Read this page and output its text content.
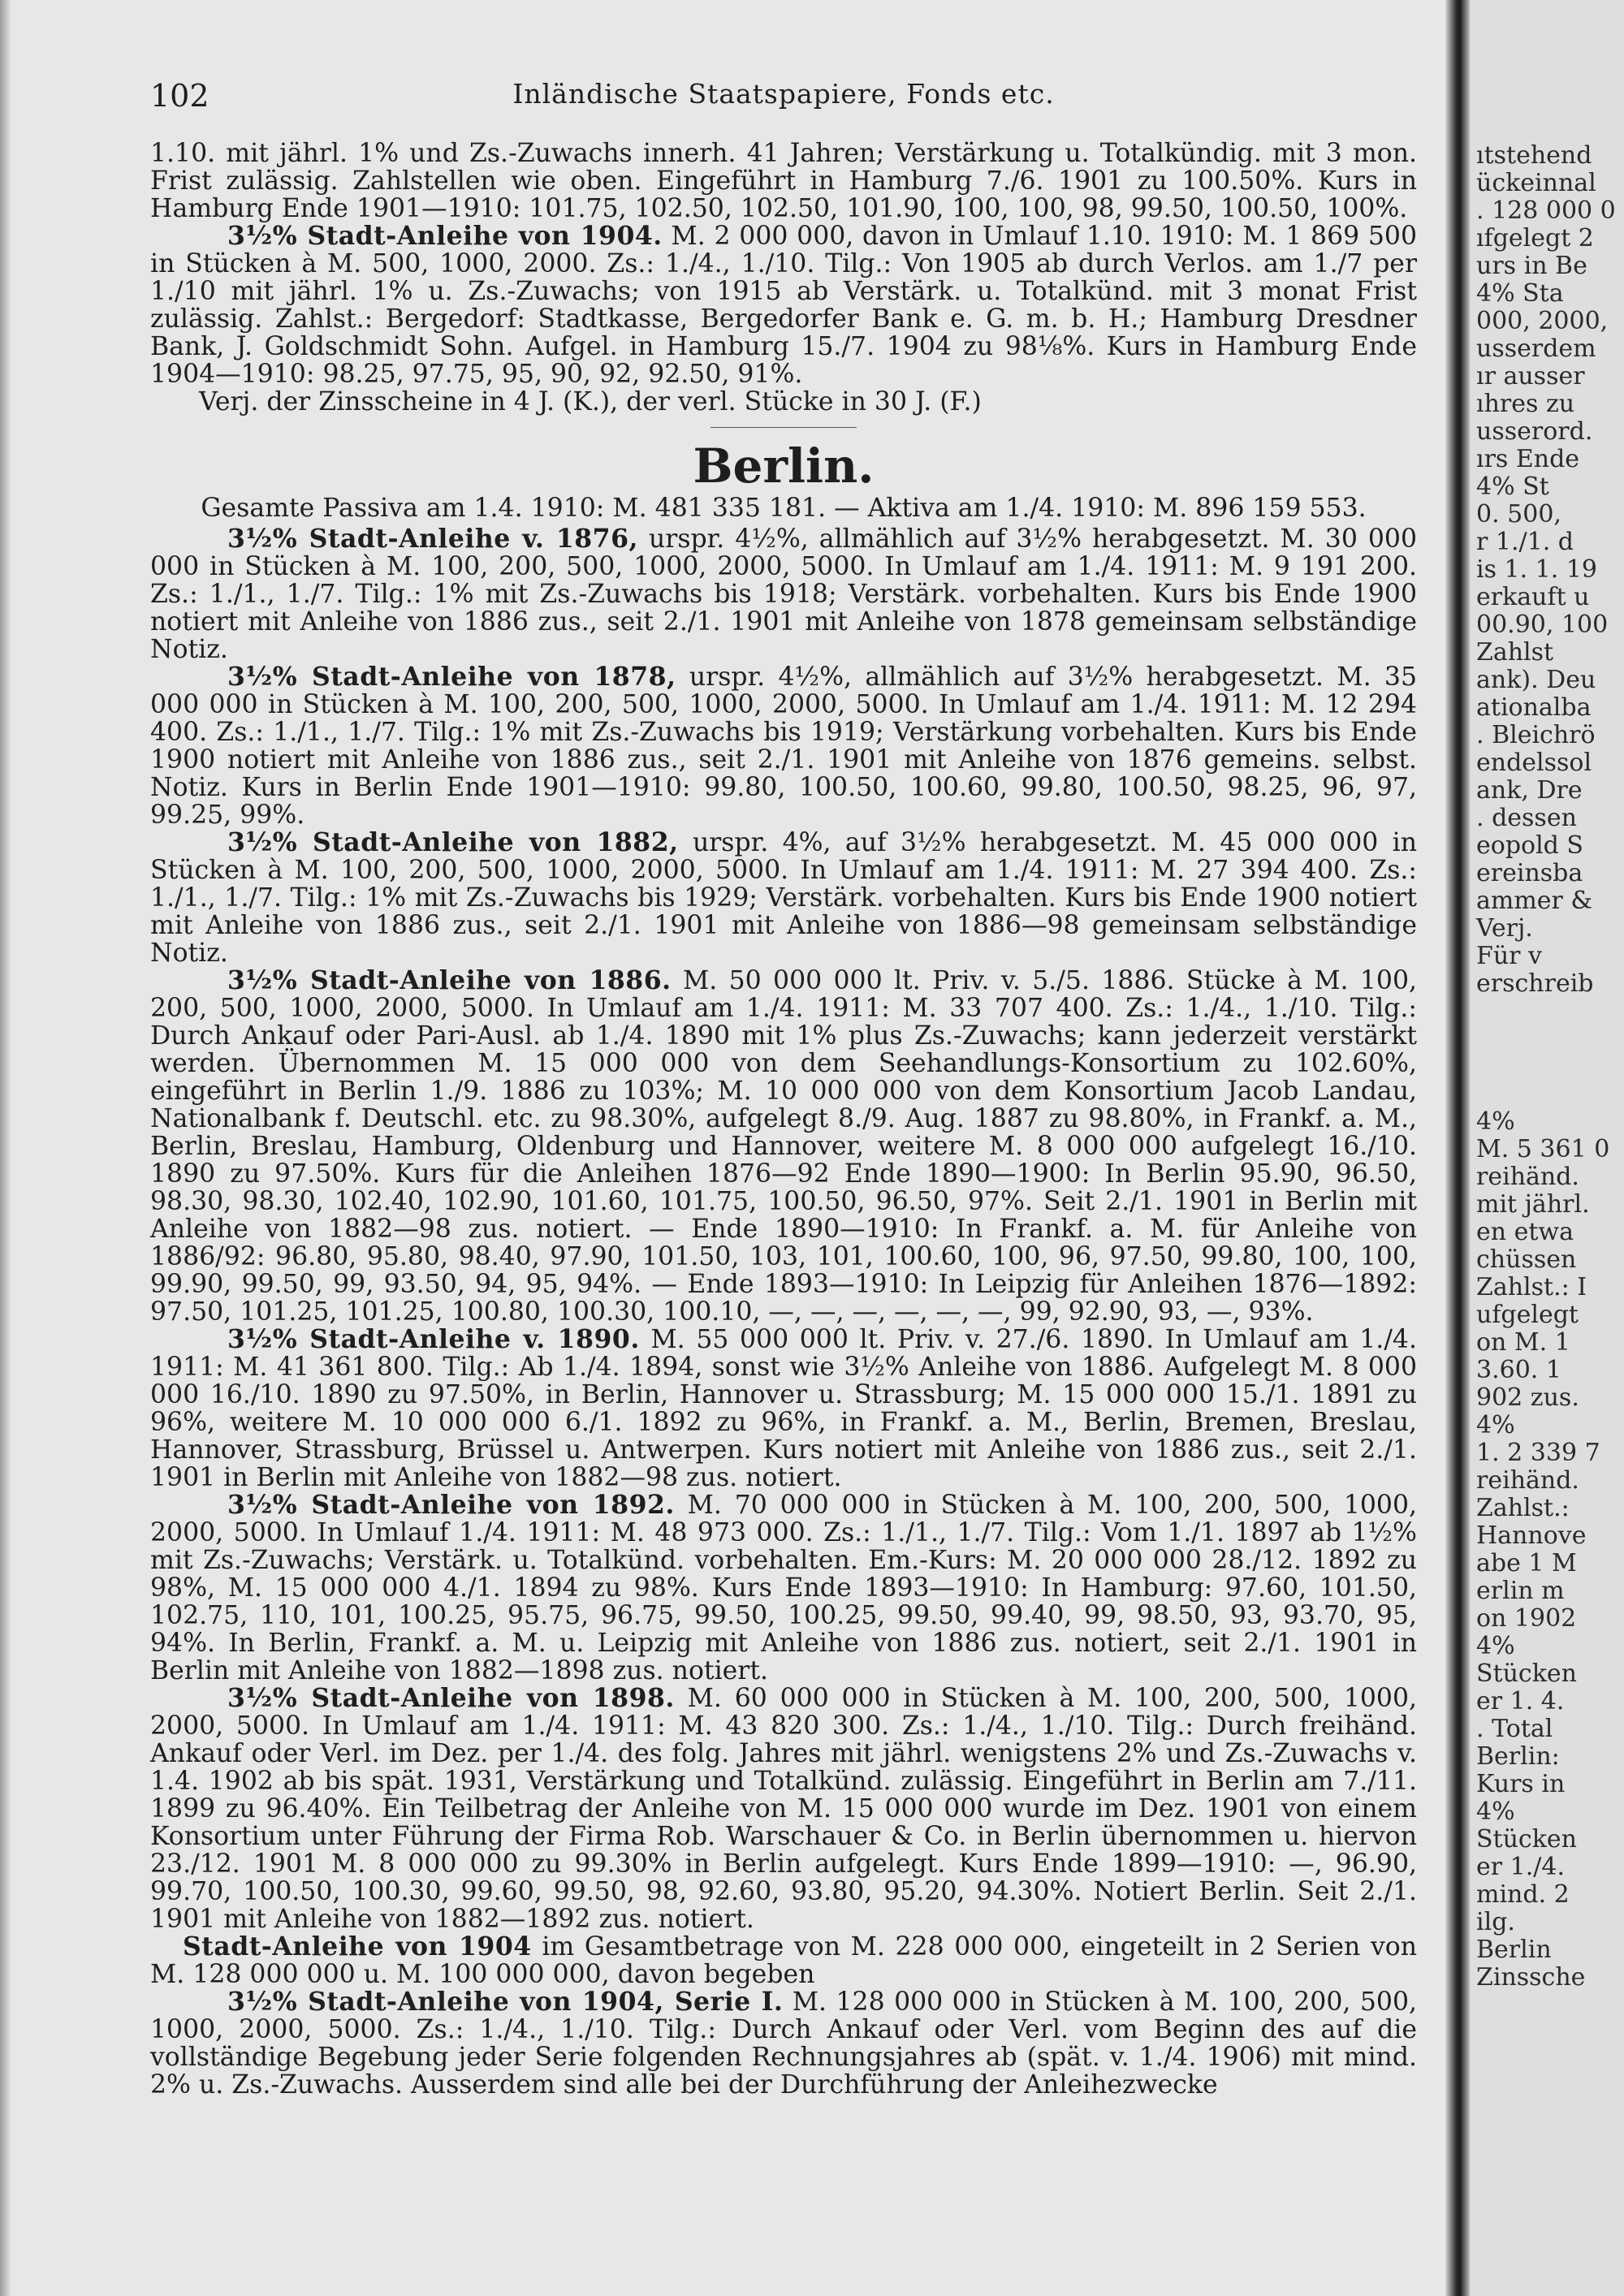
102	Inländische Staatspapiere, Fonds etc.

1.10. mit jährl. 1% und Zs.-Zuwachs innerh. 41 Jahren; Verstärkung u. Totalkündig. mit 3 mon. Frist zulässig. Zahlstellen wie oben. Eingeführt in Hamburg 7./6. 1901 zu 100.50%. Kurs in Hamburg Ende 1901—1910: 101.75, 102.50, 102.50, 101.90, 100, 100, 98, 99.50, 100.50, 100%.

3½% Stadt-Anleihe von 1904. M. 2 000 000, davon in Umlauf 1.10. 1910: M. 1 869 500 in Stücken à M. 500, 1000, 2000. Zs.: 1./4., 1./10. Tilg.: Von 1905 ab durch Verlos. am 1./7 per 1./10 mit jährl. 1% u. Zs.-Zuwachs; von 1915 ab Verstärk. u. Totalkünd. mit 3 monat Frist zulässig. Zahlst.: Bergedorf: Stadtkasse, Bergedorfer Bank e. G. m. b. H.; Hamburg Dresdner Bank, J. Goldschmidt Sohn. Aufgel. in Hamburg 15./7. 1904 zu 98⅛%. Kurs in Hamburg Ende 1904—1910: 98.25, 97.75, 95, 90, 92, 92.50, 91%.

Verj. der Zinsscheine in 4 J. (K.), der verl. Stücke in 30 J. (F.)

Berlin.

Gesamte Passiva am 1.4. 1910: M. 481 335 181. — Aktiva am 1./4. 1910: M. 896 159 553.

3½% Stadt-Anleihe v. 1876, urspr. 4½%, allmählich auf 3½% herabgesetzt. M. 30 000 000 in Stücken à M. 100, 200, 500, 1000, 2000, 5000. In Umlauf am 1./4. 1911: M. 9 191 200. Zs.: 1./1., 1./7. Tilg.: 1% mit Zs.-Zuwachs bis 1918; Verstärk. vorbehalten. Kurs bis Ende 1900 notiert mit Anleihe von 1886 zus., seit 2./1. 1901 mit Anleihe von 1878 gemeinsam selbständige Notiz.

3½% Stadt-Anleihe von 1878, urspr. 4½%, allmählich auf 3½% herabgesetzt. M. 35 000 000 in Stücken à M. 100, 200, 500, 1000, 2000, 5000. In Umlauf am 1./4. 1911: M. 12 294 400. Zs.: 1./1., 1./7. Tilg.: 1% mit Zs.-Zuwachs bis 1919; Verstärkung vorbehalten. Kurs bis Ende 1900 notiert mit Anleihe von 1886 zus., seit 2./1. 1901 mit Anleihe von 1876 gemeins. selbst. Notiz. Kurs in Berlin Ende 1901—1910: 99.80, 100.50, 100.60, 99.80, 100.50, 98.25, 96, 97, 99.25, 99%.

3½% Stadt-Anleihe von 1882, urspr. 4%, auf 3½% herabgesetzt. M. 45 000 000 in Stücken à M. 100, 200, 500, 1000, 2000, 5000. In Umlauf am 1./4. 1911: M. 27 394 400. Zs.: 1./1., 1./7. Tilg.: 1% mit Zs.-Zuwachs bis 1929; Verstärk. vorbehalten. Kurs bis Ende 1900 notiert mit Anleihe von 1886 zus., seit 2./1. 1901 mit Anleihe von 1886—98 gemeinsam selbständige Notiz.

3½% Stadt-Anleihe von 1886. M. 50 000 000 lt. Priv. v. 5./5. 1886. Stücke à M. 100, 200, 500, 1000, 2000, 5000. In Umlauf am 1./4. 1911: M. 33 707 400. Zs.: 1./4., 1./10. Tilg.: Durch Ankauf oder Pari-Ausl. ab 1./4. 1890 mit 1% plus Zs.-Zuwachs; kann jederzeit verstärkt werden. Übernommen M. 15 000 000 von dem Seehandlungs-Konsortium zu 102.60%, eingeführt in Berlin 1./9. 1886 zu 103%; M. 10 000 000 von dem Konsortium Jacob Landau, Nationalbank f. Deutschl. etc. zu 98.30%, aufgelegt 8./9. Aug. 1887 zu 98.80%, in Frankf. a. M., Berlin, Breslau, Hamburg, Oldenburg und Hannover, weitere M. 8 000 000 aufgelegt 16./10. 1890 zu 97.50%. Kurs für die Anleihen 1876—92 Ende 1890—1900: In Berlin 95.90, 96.50, 98.30, 98.30, 102.40, 102.90, 101.60, 101.75, 100.50, 96.50, 97%. Seit 2./1. 1901 in Berlin mit Anleihe von 1882—98 zus. notiert. — Ende 1890—1910: In Frankf. a. M. für Anleihe von 1886/92: 96.80, 95.80, 98.40, 97.90, 101.50, 103, 101, 100.60, 100, 96, 97.50, 99.80, 100, 100, 99.90, 99.50, 99, 93.50, 94, 95, 94%. — Ende 1893—1910: In Leipzig für Anleihen 1876—1892: 97.50, 101.25, 101.25, 100.80, 100.30, 100.10, —, —, —, —, —, —, 99, 92.90, 93, —, 93%.

3½% Stadt-Anleihe v. 1890. M. 55 000 000 lt. Priv. v. 27./6. 1890. In Umlauf am 1./4. 1911: M. 41 361 800. Tilg.: Ab 1./4. 1894, sonst wie 3½% Anleihe von 1886. Aufgelegt M. 8 000 000 16./10. 1890 zu 97.50%, in Berlin, Hannover u. Strassburg; M. 15 000 000 15./1. 1891 zu 96%, weitere M. 10 000 000 6./1. 1892 zu 96%, in Frankf. a. M., Berlin, Bremen, Breslau, Hannover, Strassburg, Brüssel u. Antwerpen. Kurs notiert mit Anleihe von 1886 zus., seit 2./1. 1901 in Berlin mit Anleihe von 1882—98 zus. notiert.

3½% Stadt-Anleihe von 1892. M. 70 000 000 in Stücken à M. 100, 200, 500, 1000, 2000, 5000. In Umlauf 1./4. 1911: M. 48 973 000. Zs.: 1./1., 1./7. Tilg.: Vom 1./1. 1897 ab 1½% mit Zs.-Zuwachs; Verstärk. u. Totalkünd. vorbehalten. Em.-Kurs: M. 20 000 000 28./12. 1892 zu 98%, M. 15 000 000 4./1. 1894 zu 98%. Kurs Ende 1893—1910: In Hamburg: 97.60, 101.50, 102.75, 110, 101, 100.25, 95.75, 96.75, 99.50, 100.25, 99.50, 99.40, 99, 98.50, 93, 93.70, 95, 94%. In Berlin, Frankf. a. M. u. Leipzig mit Anleihe von 1886 zus. notiert, seit 2./1. 1901 in Berlin mit Anleihe von 1882—1898 zus. notiert.

3½% Stadt-Anleihe von 1898. M. 60 000 000 in Stücken à M. 100, 200, 500, 1000, 2000, 5000. In Umlauf am 1./4. 1911: M. 43 820 300. Zs.: 1./4., 1./10. Tilg.: Durch freihänd. Ankauf oder Verl. im Dez. per 1./4. des folg. Jahres mit jährl. wenigstens 2% und Zs.-Zuwachs v. 1.4. 1902 ab bis spät. 1931, Verstärkung und Totalkünd. zulässig. Eingeführt in Berlin am 7./11. 1899 zu 96.40%. Ein Teilbetrag der Anleihe von M. 15 000 000 wurde im Dez. 1901 von einem Konsortium unter Führung der Firma Rob. Warschauer & Co. in Berlin übernommen u. hiervon 23./12. 1901 M. 8 000 000 zu 99.30% in Berlin aufgelegt. Kurs Ende 1899—1910: —, 96.90, 99.70, 100.50, 100.30, 99.60, 99.50, 98, 92.60, 93.80, 95.20, 94.30%. Notiert Berlin. Seit 2./1. 1901 mit Anleihe von 1882—1892 zus. notiert.

Stadt-Anleihe von 1904 im Gesamtbetrage von M. 228 000 000, eingeteilt in 2 Serien von M. 128 000 000 u. M. 100 000 000, davon begeben

3½% Stadt-Anleihe von 1904, Serie I. M. 128 000 000 in Stücken à M. 100, 200, 500, 1000, 2000, 5000. Zs.: 1./4., 1./10. Tilg.: Durch Ankauf oder Verl. vom Beginn des auf die vollständige Begebung jeder Serie folgenden Rechnungsjahres ab (spät. v. 1./4. 1906) mit mind. 2% u. Zs.-Zuwachs. Ausserdem sind alle bei der Durchführung der Anleihezwecke

ıtstehend
ückeinnal
. 128 000 0
ıfgelegt 2
urs in Be
4% Sta
000, 2000,
usserdem
ır ausser
ıhres zu
usserord.
ırs Ende
4% St
0. 500,
r 1./1. d
is 1. 1. 19
erkauft u
00.90, 100
Zahlst
ank). Deu
ationalba
. Bleichrö
endelssol
ank, Dre
. dessen
eopold S
ereinsba
ammer &
Verj.
Für v
erschreib

4%
M. 5 361 0
reihänd.
mit jährl.
en etwa
chüssen
Zahlst.: I
ufgelegt
on M. 1
3.60. 1
902 zus.
4%
1. 2 339 7
reihänd.
Zahlst.:
Hannove
abe 1 M
erlin m
on 1902
4%
Stücken
er 1. 4.
. Total
Berlin:
Kurs in
4%
Stücken
er 1./4.
mind. 2
ilg.
Berlin
Zinssche
